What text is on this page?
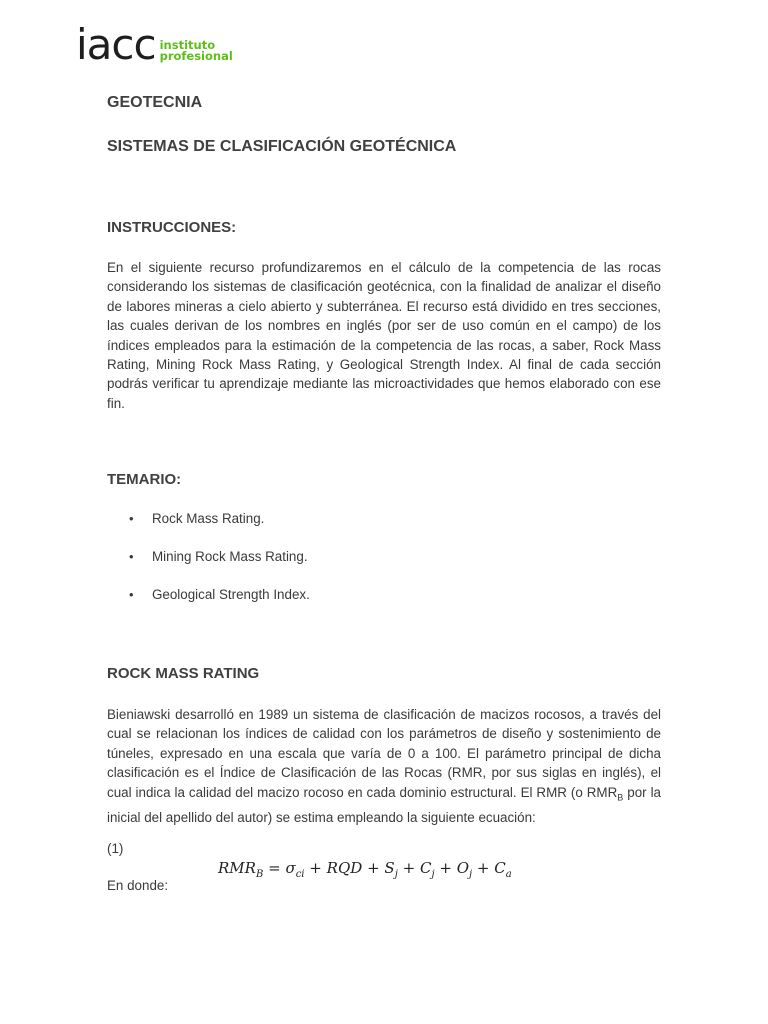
iacc instituto
profesional
GEOTECNIA
SISTEMAS DE CLASIFICACIÓN GEOTÉCNICA
INSTRUCCIONES:

En el siguiente recurso profundizaremos en el cálculo de la competencia de las rocas considerando los sistemas de clasificación geotécnica, con la finalidad de analizar el diseño de labores mineras a cielo abierto y subterránea. El recurso está dividido en tres secciones, las cuales derivan de los nombres en inglés (por ser de uso común en el campo) de los índices empleados para la estimación de la competencia de las rocas, a saber, Rock Mass Rating, Mining Rock Mass Rating, y Geological Strength Index. Al final de cada sección podrás verificar tu aprendizaje mediante las microactividades que hemos elaborado con ese fin.

TEMARIO:
• Rock Mass Rating.
• Mining Rock Mass Rating.
• Geological Strength Index.
ROCK MASS RATING

Bieniawski desarrolló en 1989 un sistema de clasificación de macizos rocosos, a través del cual se relacionan los índices de calidad con los parámetros de diseño y sostenimiento de túneles, expresado en una escala que varía de 0 a 100. El parámetro principal de dicha clasificación es el Índice de Clasificación de las Rocas (RMR, por sus siglas en inglés), el cual indica la calidad del macizo rocoso en cada dominio estructural. El RMR (o $RMR_B$ por la inicial del apellido del autor) se estima empleando la siguiente ecuación:

(1)
$RMR_B = \sigma_{ci}$ + RQD + $S_j + C_j + O_j + C_a$
En donde:
